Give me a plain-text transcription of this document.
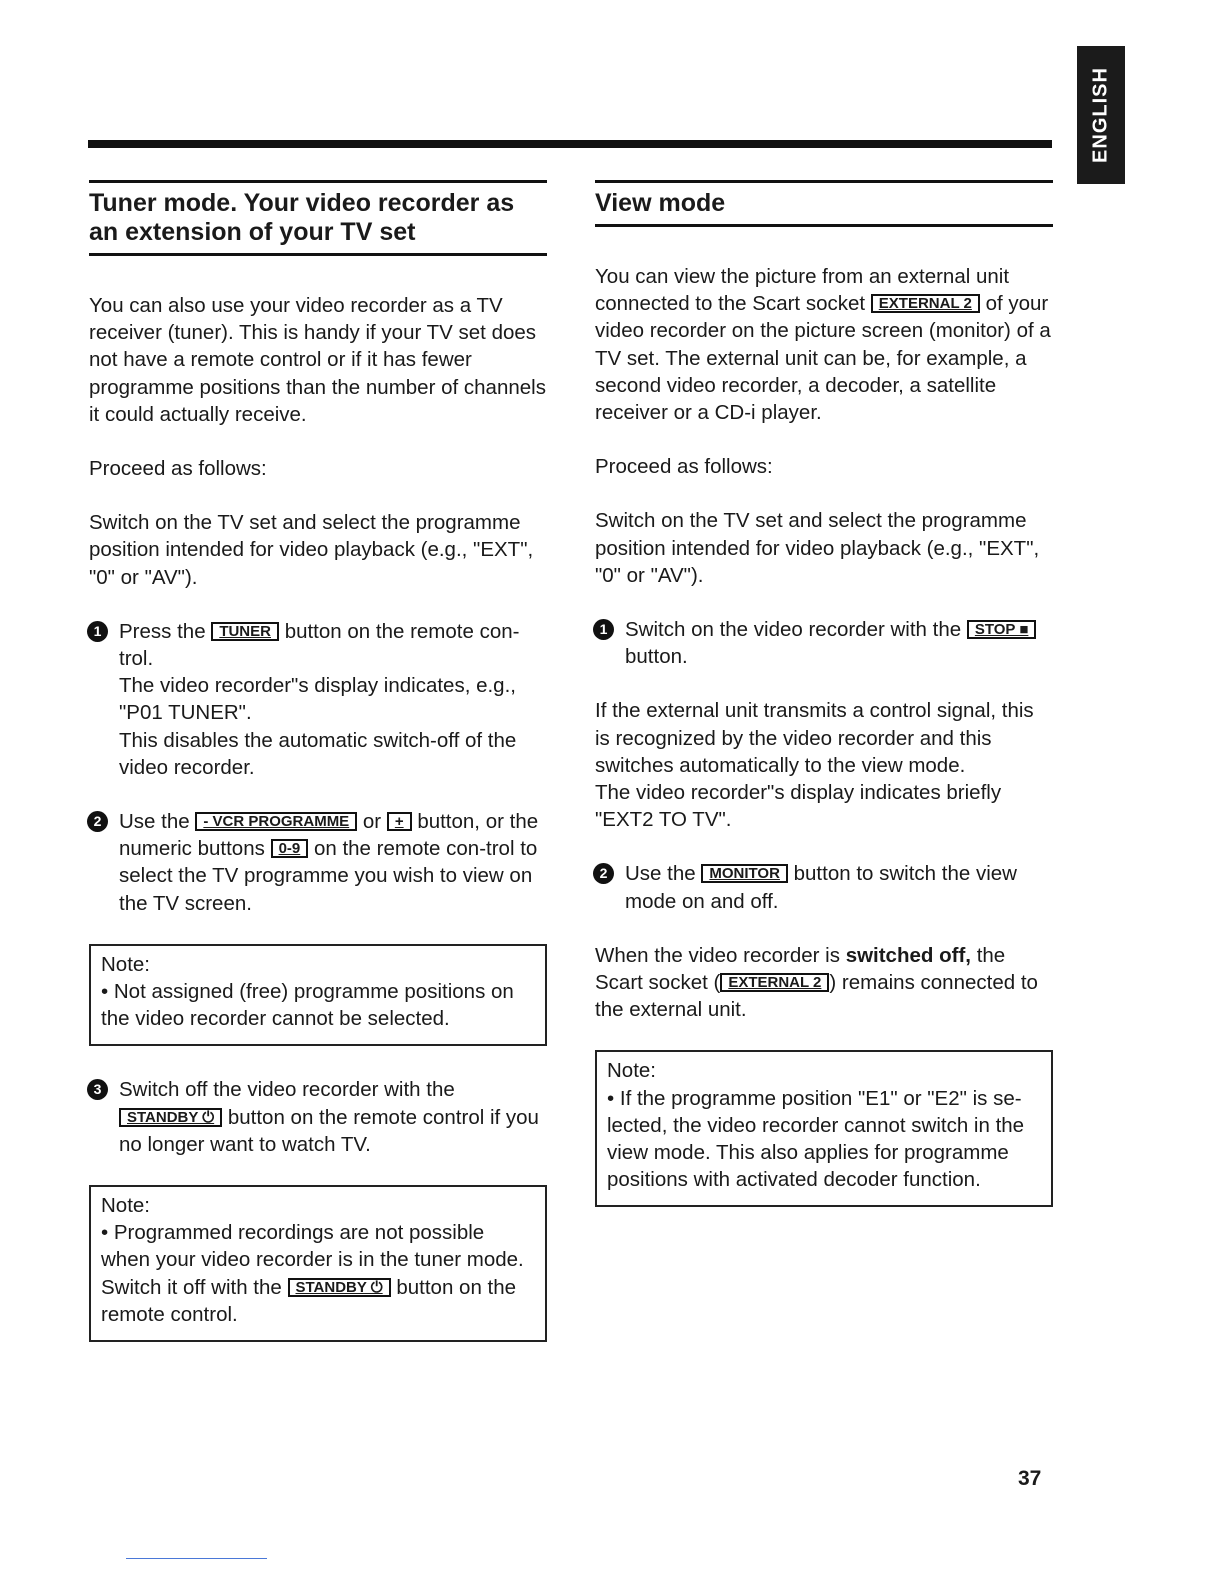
ENGLISH
Tuner mode. Your video recorder as an extension of your TV set

You can also use your video recorder as a TV receiver (tuner). This is handy if your TV set does not have a remote control or if it has fewer programme positions than the number of channels it could actually receive.

Proceed as follows:

Switch on the TV set and select the programme position intended for video playback (e.g., "EXT", "0" or "AV").

1 Press the TUNER button on the remote con-trol.
The video recorder"s display indicates, e.g., "P01 TUNER".
This disables the automatic switch-off of the video recorder.
2 Use the - VCR PROGRAMME or + button, or the numeric buttons 0-9 on the remote con-trol to select the TV programme you wish to view on the TV screen.
Note:
• Not assigned (free) programme positions on the video recorder cannot be selected.
3 Switch off the video recorder with the STANDBY ⏻ button on the remote control if you no longer want to watch TV.
Note:
• Programmed recordings are not possible when your video recorder is in the tuner mode. Switch it off with the STANDBY ⏻ button on the remote control.
View mode

You can view the picture from an external unit connected to the Scart socket EXTERNAL 2 of your video recorder on the picture screen (monitor) of a TV set. The external unit can be, for example, a second video recorder, a decoder, a satellite receiver or a CD-i player.

Proceed as follows:

Switch on the TV set and select the programme position intended for video playback (e.g., "EXT", "0" or "AV").

1 Switch on the video recorder with the STOP ■ button.

If the external unit transmits a control signal, this is recognized by the video recorder and this switches automatically to the view mode.

The video recorder"s display indicates briefly "EXT2 TO TV".

2 Use the MONITOR button to switch the view mode on and off.

When the video recorder is switched off, the Scart socket ( EXTERNAL 2 ) remains connected to the external unit.

Note:
• If the programme position "E1" or "E2" is se-lected, the video recorder cannot switch in the view mode. This also applies for programme positions with activated decoder function.
37
